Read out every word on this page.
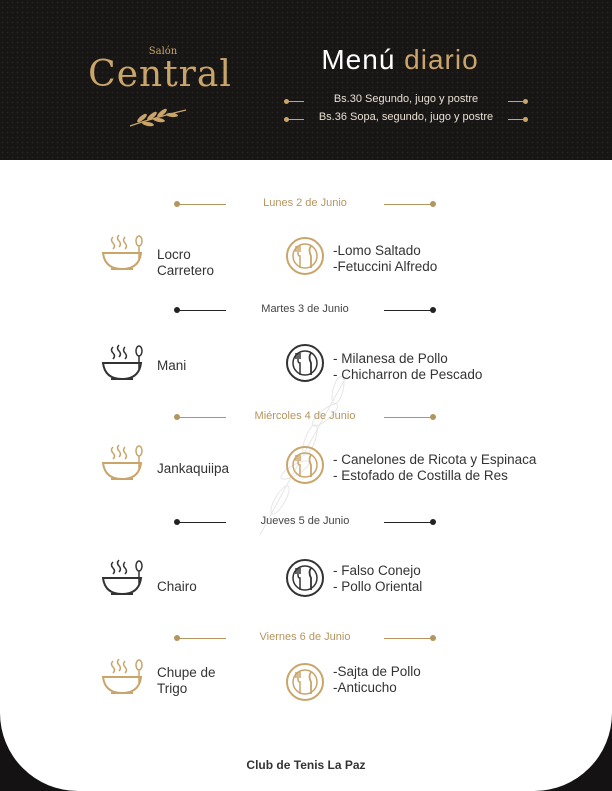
Salón
Central	Menú diario
Bs.30 Segundo, jugo y postre
Bs.36 Sopa, segundo, jugo y postre
Lunes 2 de Junio
Locro
Carretero
-Lomo Saltado
-Fetuccini Alfredo
Martes 3 de Junio
Mani	- Milanesa de Pollo
- Chicharron de Pescado
Miércoles 4 de Junio
Jankaquiipa
- Canelones de Ricota y Espinaca
- Estofado de Costilla de Res
Jueves 5 de Junio
Chairo
- Falso Conejo
- Pollo Oriental
Viernes 6 de Junio
Chupe de
Trigo
-Sajta de Pollo
-Anticucho
Club de Tenis La Paz
